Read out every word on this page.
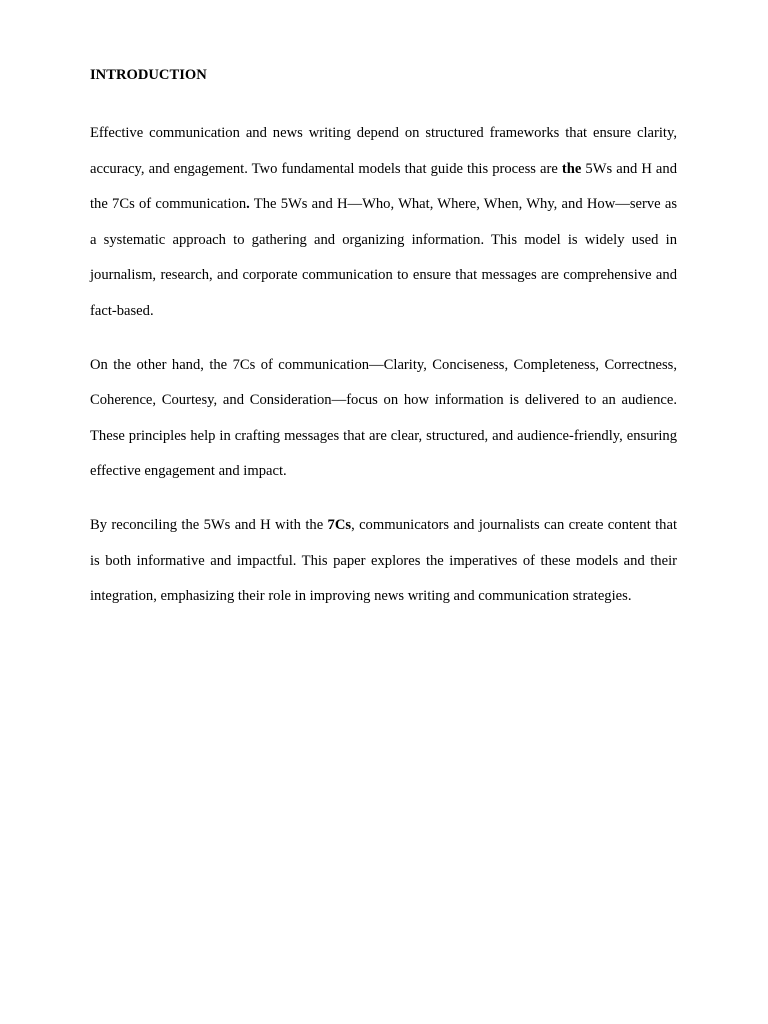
INTRODUCTION

Effective communication and news writing depend on structured frameworks that ensure clarity, accuracy, and engagement. Two fundamental models that guide this process are the 5Ws and H and the 7Cs of communication. The 5Ws and H—Who, What, Where, When, Why, and How—serve as a systematic approach to gathering and organizing information. This model is widely used in journalism, research, and corporate communication to ensure that messages are comprehensive and fact-based.

On the other hand, the 7Cs of communication—Clarity, Conciseness, Completeness, Correctness, Coherence, Courtesy, and Consideration—focus on how information is delivered to an audience. These principles help in crafting messages that are clear, structured, and audience-friendly, ensuring effective engagement and impact.

By reconciling the 5Ws and H with the 7Cs, communicators and journalists can create content that is both informative and impactful. This paper explores the imperatives of these models and their integration, emphasizing their role in improving news writing and communication strategies.
